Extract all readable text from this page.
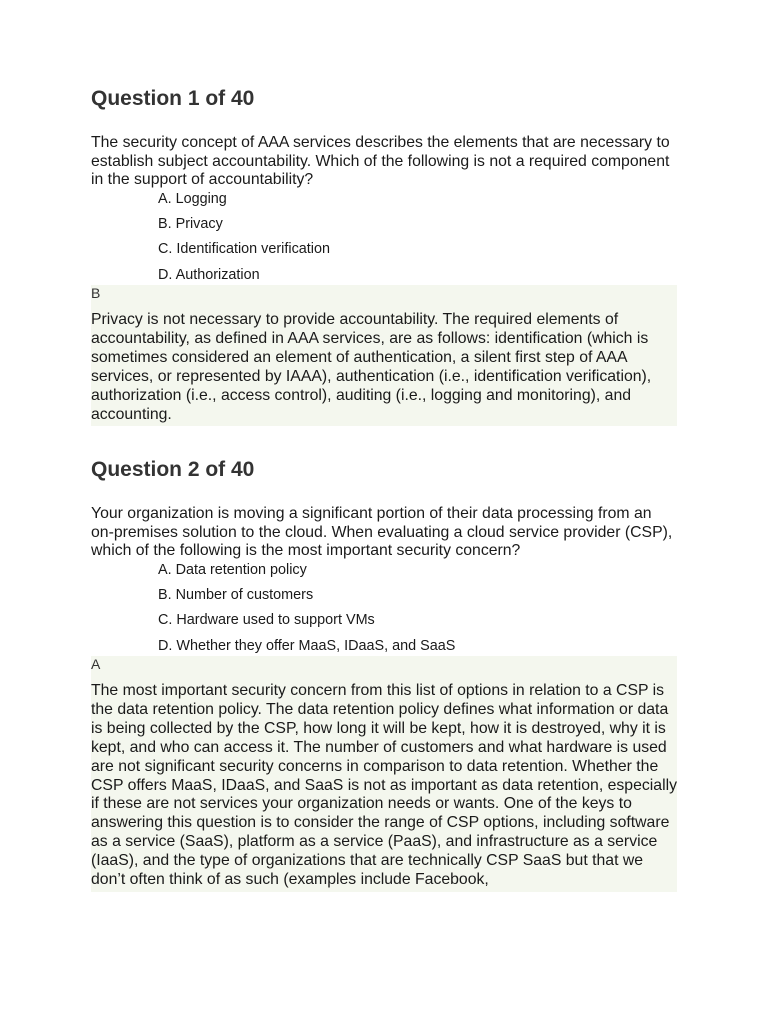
Question 1 of 40

The security concept of AAA services describes the elements that are necessary to establish subject accountability. Which of the following is not a required component in the support of accountability?

A. Logging
B. Privacy
C. Identification verification
D. Authorization
B

Privacy is not necessary to provide accountability. The required elements of accountability, as defined in AAA services, are as follows: identification (which is sometimes considered an element of authentication, a silent first step of AAA services, or represented by IAAA), authentication (i.e., identification verification), authorization (i.e., access control), auditing (i.e., logging and monitoring), and accounting.

Question 2 of 40

Your organization is moving a significant portion of their data processing from an on-premises solution to the cloud. When evaluating a cloud service provider (CSP), which of the following is the most important security concern?

A. Data retention policy
B. Number of customers
C. Hardware used to support VMs
D. Whether they offer MaaS, IDaaS, and SaaS
A

The most important security concern from this list of options in relation to a CSP is the data retention policy. The data retention policy defines what information or data is being collected by the CSP, how long it will be kept, how it is destroyed, why it is kept, and who can access it. The number of customers and what hardware is used are not significant security concerns in comparison to data retention. Whether the CSP offers MaaS, IDaaS, and SaaS is not as important as data retention, especially if these are not services your organization needs or wants. One of the keys to answering this question is to consider the range of CSP options, including software as a service (SaaS), platform as a service (PaaS), and infrastructure as a service (IaaS), and the type of organizations that are technically CSP SaaS but that we don’t often think of as such (examples include Facebook,
